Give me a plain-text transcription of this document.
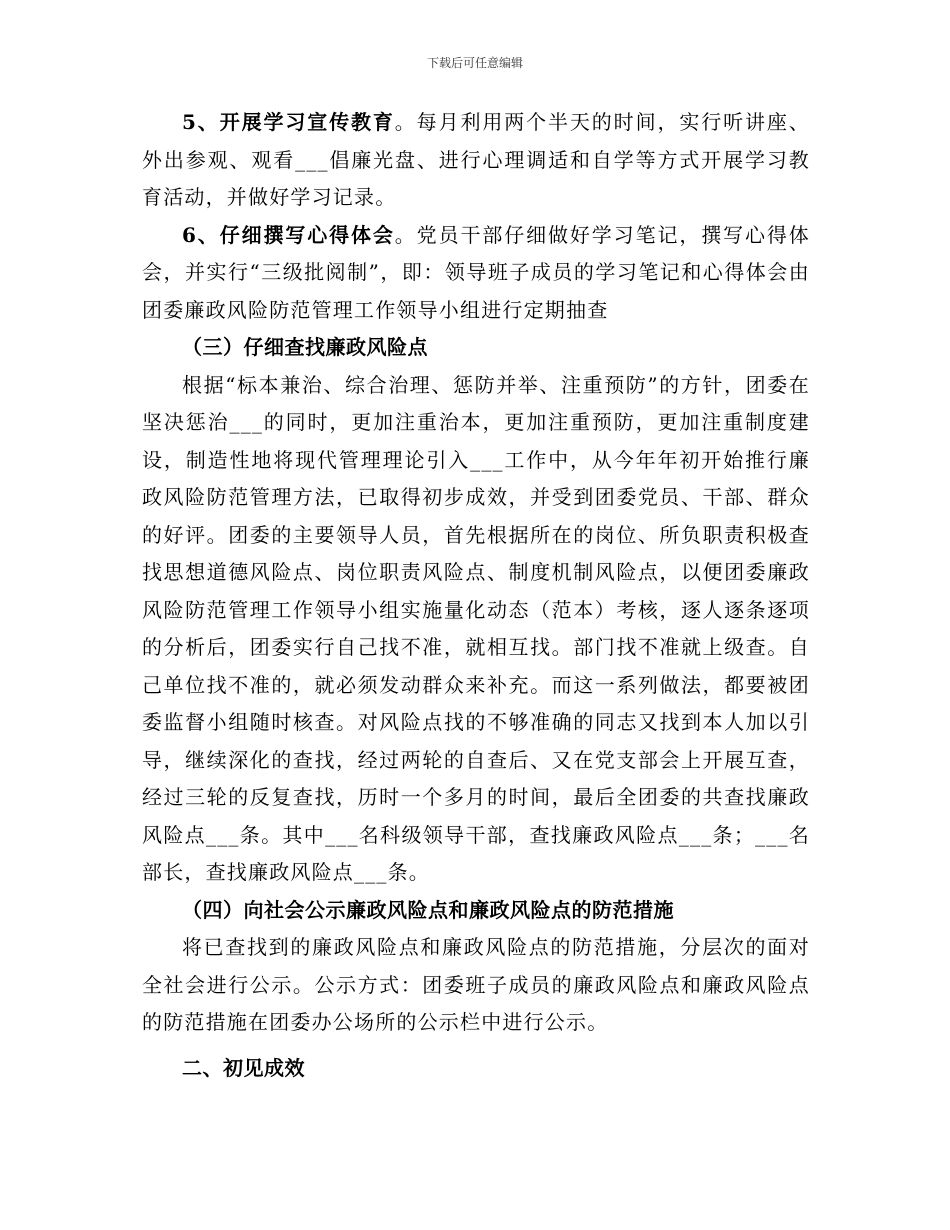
下载后可任意编辑

5、开展学习宣传教育。每月利用两个半天的时间，实行听讲座、外出参观、观看___倡廉光盘、进行心理调适和自学等方式开展学习教育活动，并做好学习记录。

6、仔细撰写心得体会。党员干部仔细做好学习笔记，撰写心得体会，并实行“三级批阅制”，即：领导班子成员的学习笔记和心得体会由团委廉政风险防范管理工作领导小组进行定期抽查

（三）仔细查找廉政风险点

根据“标本兼治、综合治理、惩防并举、注重预防”的方针，团委在坚决惩治___的同时，更加注重治本，更加注重预防，更加注重制度建设，制造性地将现代管理理论引入___工作中，从今年年初开始推行廉政风险防范管理方法，已取得初步成效，并受到团委党员、干部、群众的好评。团委的主要领导人员，首先根据所在的岗位、所负职责积极查找思想道德风险点、岗位职责风险点、制度机制风险点，以便团委廉政风险防范管理工作领导小组实施量化动态（范本）考核，逐人逐条逐项的分析后，团委实行自己找不准，就相互找。部门找不准就上级查。自己单位找不准的，就必须发动群众来补充。而这一系列做法，都要被团委监督小组随时核查。对风险点找的不够准确的同志又找到本人加以引导，继续深化的查找，经过两轮的自查后、又在党支部会上开展互查，经过三轮的反复查找，历时一个多月的时间，最后全团委的共查找廉政风险点___条。其中___名科级领导干部，查找廉政风险点___条；___名部长，查找廉政风险点___条。

（四）向社会公示廉政风险点和廉政风险点的防范措施

将已查找到的廉政风险点和廉政风险点的防范措施，分层次的面对全社会进行公示。公示方式：团委班子成员的廉政风险点和廉政风险点的防范措施在团委办公场所的公示栏中进行公示。

二、初见成效
